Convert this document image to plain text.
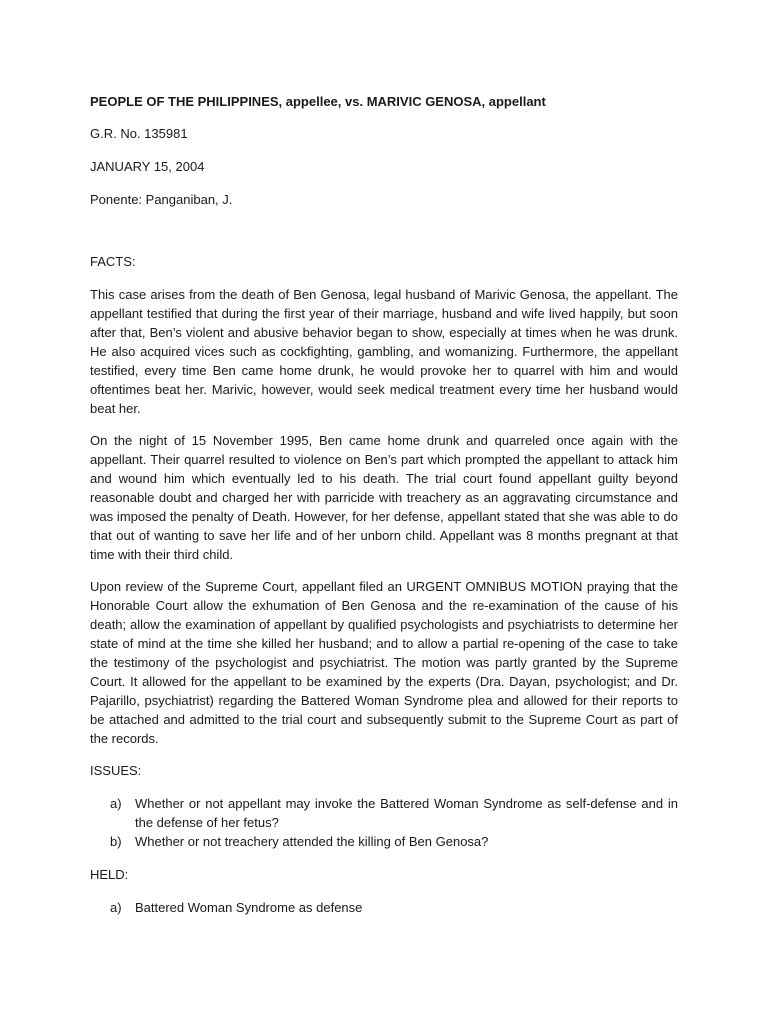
PEOPLE OF THE PHILIPPINES, appellee, vs. MARIVIC GENOSA, appellant

G.R. No. 135981

JANUARY 15, 2004

Ponente: Panganiban, J.

FACTS:

This case arises from the death of Ben Genosa, legal husband of Marivic Genosa, the appellant. The appellant testified that during the first year of their marriage, husband and wife lived happily, but soon after that, Ben’s violent and abusive behavior began to show, especially at times when he was drunk. He also acquired vices such as cockfighting, gambling, and womanizing. Furthermore, the appellant testified, every time Ben came home drunk, he would provoke her to quarrel with him and would oftentimes beat her. Marivic, however, would seek medical treatment every time her husband would beat her.

On the night of 15 November 1995, Ben came home drunk and quarreled once again with the appellant. Their quarrel resulted to violence on Ben’s part which prompted the appellant to attack him and wound him which eventually led to his death. The trial court found appellant guilty beyond reasonable doubt and charged her with parricide with treachery as an aggravating circumstance and was imposed the penalty of Death. However, for her defense, appellant stated that she was able to do that out of wanting to save her life and of her unborn child. Appellant was 8 months pregnant at that time with their third child.

Upon review of the Supreme Court, appellant filed an URGENT OMNIBUS MOTION praying that the Honorable Court allow the exhumation of Ben Genosa and the re-examination of the cause of his death; allow the examination of appellant by qualified psychologists and psychiatrists to determine her state of mind at the time she killed her husband; and to allow a partial re-opening of the case to take the testimony of the psychologist and psychiatrist. The motion was partly granted by the Supreme Court. It allowed for the appellant to be examined by the experts (Dra. Dayan, psychologist; and Dr. Pajarillo, psychiatrist) regarding the Battered Woman Syndrome plea and allowed for their reports to be attached and admitted to the trial court and subsequently submit to the Supreme Court as part of the records.

ISSUES:

a)	Whether or not appellant may invoke the Battered Woman Syndrome as self-defense and in the defense of her fetus?
b)	Whether or not treachery attended the killing of Ben Genosa?

HELD:

a)	Battered Woman Syndrome as defense
